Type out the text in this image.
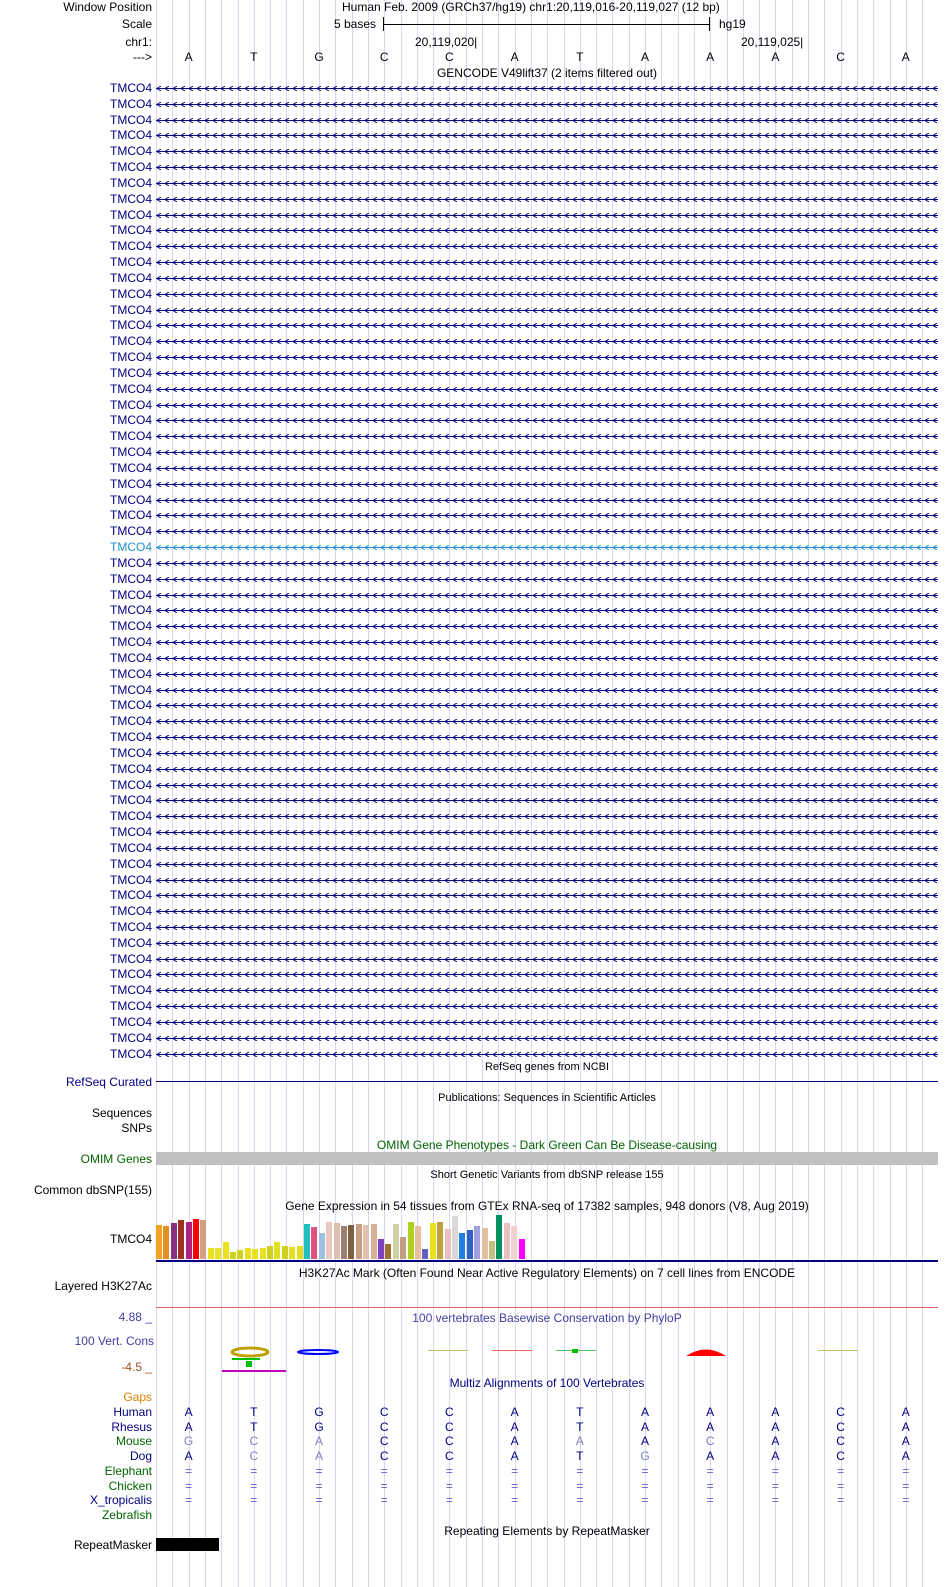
Window Position	Human Feb. 2009 (GRCh37/hg19) chr1:20,119,016-20,119,027 (12 bp)
Scale	5 bases	hg19
chr1:	20,119,020|	20,119,025|
--->	A	T	G	C	C	A	T	A	A	A	C	A
GENCODE V49lift37 (2 items filtered out)
TMCO4
TMCO4
TMCO4
TMCO4
TMCO4
TMCO4
TMCO4
TMCO4
TMCO4
TMCO4
TMCO4
TMCO4
TMCO4
TMCO4
TMCO4
TMCO4
TMCO4
TMCO4
TMCO4
TMCO4
TMCO4
TMCO4
TMCO4
TMCO4
TMCO4
TMCO4
TMCO4
TMCO4
TMCO4
TMCO4
TMCO4
TMCO4
TMCO4
TMCO4
TMCO4
TMCO4
TMCO4
TMCO4
TMCO4
TMCO4
TMCO4
TMCO4
TMCO4
TMCO4
TMCO4
TMCO4
TMCO4
TMCO4
TMCO4
TMCO4
TMCO4
TMCO4
TMCO4
TMCO4
TMCO4
TMCO4
TMCO4
TMCO4
TMCO4
TMCO4
TMCO4
TMCO4
RefSeq genes from NCBI
RefSeq Curated
Publications: Sequences in Scientific Articles
Sequences
SNPs
OMIM Gene Phenotypes - Dark Green Can Be Disease-causing
OMIM Genes
Short Genetic Variants from dbSNP release 155
Common dbSNP(155)
Gene Expression in 54 tissues from GTEx RNA-seq of 17382 samples, 948 donors (V8, Aug 2019)
TMCO4
H3K27Ac Mark (Often Found Near Active Regulatory Elements) on 7 cell lines from ENCODE
Layered H3K27Ac
100 vertebrates Basewise Conservation by PhyloP
4.88 _
100 Vert. Cons
-4.5 _
Multiz Alignments of 100 Vertebrates
Gaps
Human	A	T	G	C	C	A	T	A	A	A	C	A
Rhesus	A	T	G	C	C	A	T	A	A	A	C	A
Mouse	G	C	A	C	C	A	A	A	C	A	C	A
Dog	A	C	A	C	C	A	T	G	A	A	C	A
Elephant	=	=	=	=	=	=	=	=	=	=	=	=
Chicken	=	=	=	=	=	=	=	=	=	=	=	=
X_tropicalis	=	=	=	=	=	=	=	=	=	=	=	=
Zebrafish
Repeating Elements by RepeatMasker
RepeatMasker
